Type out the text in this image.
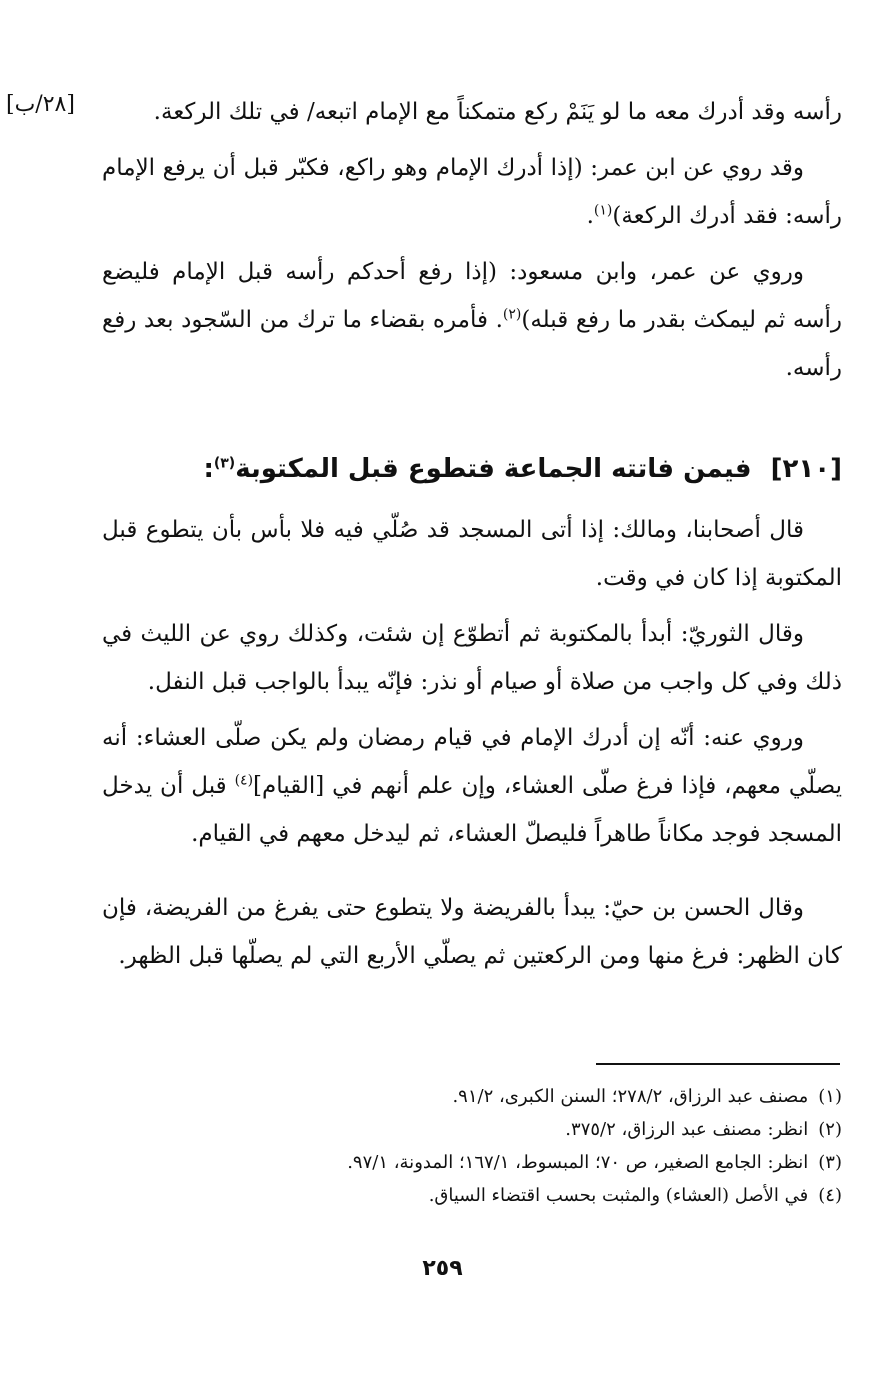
[٢٨/ب]	رأسه وقد أدرك معه ما لو يَنَمْ ركع متمكناً مع الإمام اتبعه/ في تلك الركعة.

وقد روي عن ابن عمر: (إذا أدرك الإمام وهو راكع، فكبّر قبل أن يرفع الإمام رأسه: فقد أدرك الركعة)$^{(١)}$.

وروي عن عمر، وابن مسعود: (إذا رفع أحدكم رأسه قبل الإمام فليضع رأسه ثم ليمكث بقدر ما رفع قبله)$^{(٢)}$. فأمره بقضاء ما ترك من السّجود بعد رفع رأسه.

[٢١٠] فيمن فاتته الجماعة فتطوع قبل المكتوبة$^{(٣)}$:

قال أصحابنا، ومالك: إذا أتى المسجد قد صُلّي فيه فلا بأس بأن يتطوع قبل المكتوبة إذا كان في وقت.

وقال الثوريّ: أبدأ بالمكتوبة ثم أتطوّع إن شئت، وكذلك روي عن الليث في ذلك وفي كل واجب من صلاة أو صيام أو نذر: فإنّه يبدأ بالواجب قبل النفل.

وروي عنه: أنّه إن أدرك الإمام في قيام رمضان ولم يكن صلّى العشاء: أنه يصلّي معهم، فإذا فرغ صلّى العشاء، وإن علم أنهم في [القيام]$^{(٤)}$ قبل أن يدخل المسجد فوجد مكاناً طاهراً فليصلّ العشاء، ثم ليدخل معهم في القيام.

وقال الحسن بن حيّ: يبدأ بالفريضة ولا يتطوع حتى يفرغ من الفريضة، فإن كان الظهر: فرغ منها ومن الركعتين ثم يصلّي الأربع التي لم يصلّها قبل الظهر.

(١)مصنف عبد الرزاق، ٢٧٨/٢؛ السنن الكبرى، ٩١/٢.

(٢)انظر: مصنف عبد الرزاق، ٣٧٥/٢.

(٣)انظر: الجامع الصغير، ص ٧٠؛ المبسوط، ١٦٧/١؛ المدونة، ٩٧/١.

(٤)في الأصل (العشاء) والمثبت بحسب اقتضاء السياق.

٢٥٩
